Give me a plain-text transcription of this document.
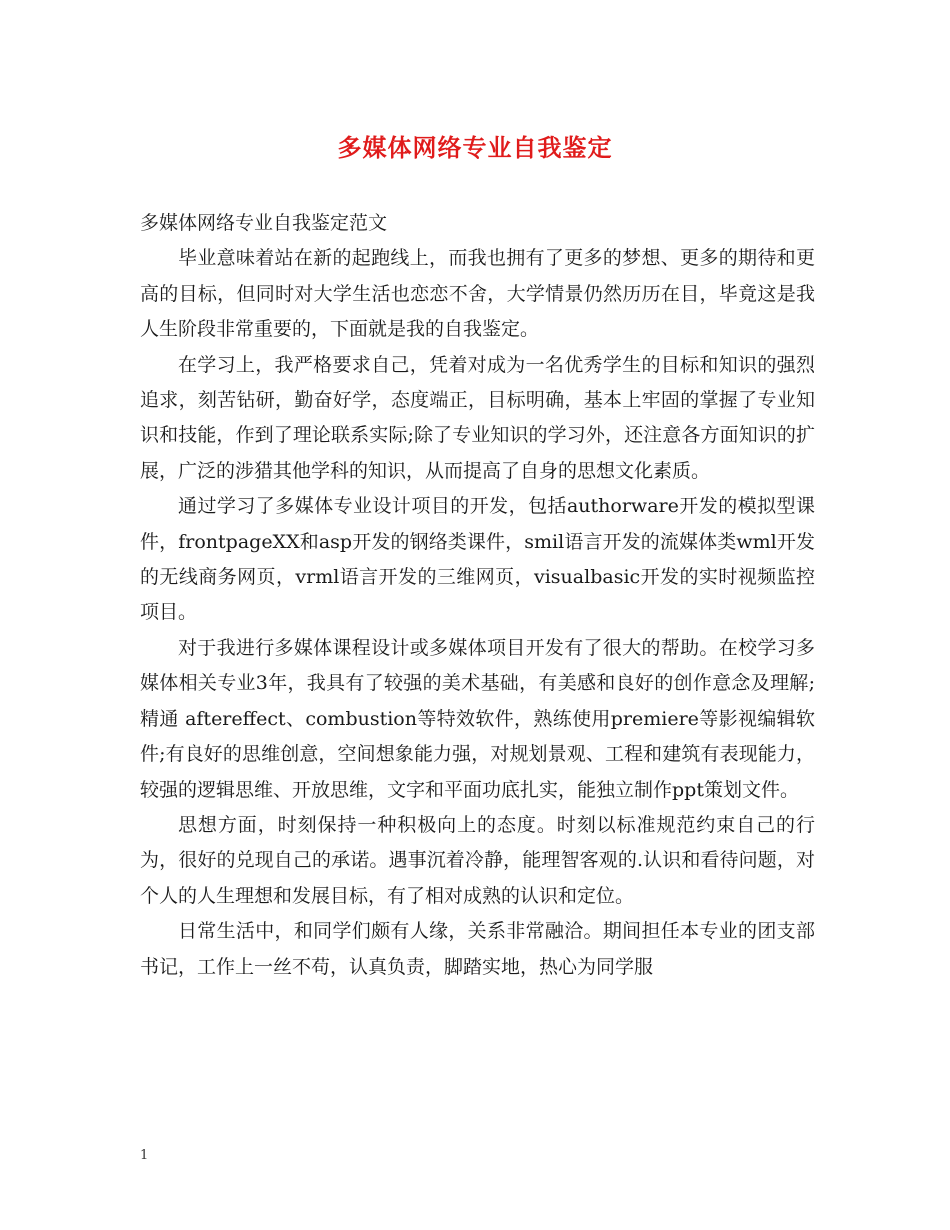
多媒体网络专业自我鉴定

多媒体网络专业自我鉴定范文

毕业意味着站在新的起跑线上，而我也拥有了更多的梦想、更多的期待和更高的目标，但同时对大学生活也恋恋不舍，大学情景仍然历历在目，毕竟这是我人生阶段非常重要的，下面就是我的自我鉴定。

在学习上，我严格要求自己，凭着对成为一名优秀学生的目标和知识的强烈追求，刻苦钻研，勤奋好学，态度端正，目标明确，基本上牢固的掌握了专业知识和技能，作到了理论联系实际;除了专业知识的学习外，还注意各方面知识的扩展，广泛的涉猎其他学科的知识，从而提高了自身的思想文化素质。

通过学习了多媒体专业设计项目的开发，包括authorware开发的模拟型课件，frontpageXX和asp开发的钢络类课件，smil语言开发的流媒体类wml开发的无线商务网页，vrml语言开发的三维网页，visualbasic开发的实时视频监控项目。

对于我进行多媒体课程设计或多媒体项目开发有了很大的帮助。在校学习多媒体相关专业3年，我具有了较强的美术基础，有美感和良好的创作意念及理解;精通 aftereffect、combustion等特效软件，熟练使用premiere等影视编辑软件;有良好的思维创意，空间想象能力强，对规划景观、工程和建筑有表现能力，较强的逻辑思维、开放思维，文字和平面功底扎实，能独立制作ppt策划文件。

思想方面，时刻保持一种积极向上的态度。时刻以标准规范约束自己的行为，很好的兑现自己的承诺。遇事沉着冷静，能理智客观的.认识和看待问题，对个人的人生理想和发展目标，有了相对成熟的认识和定位。

日常生活中，和同学们颇有人缘，关系非常融洽。期间担任本专业的团支部书记，工作上一丝不苟，认真负责，脚踏实地，热心为同学服

1
